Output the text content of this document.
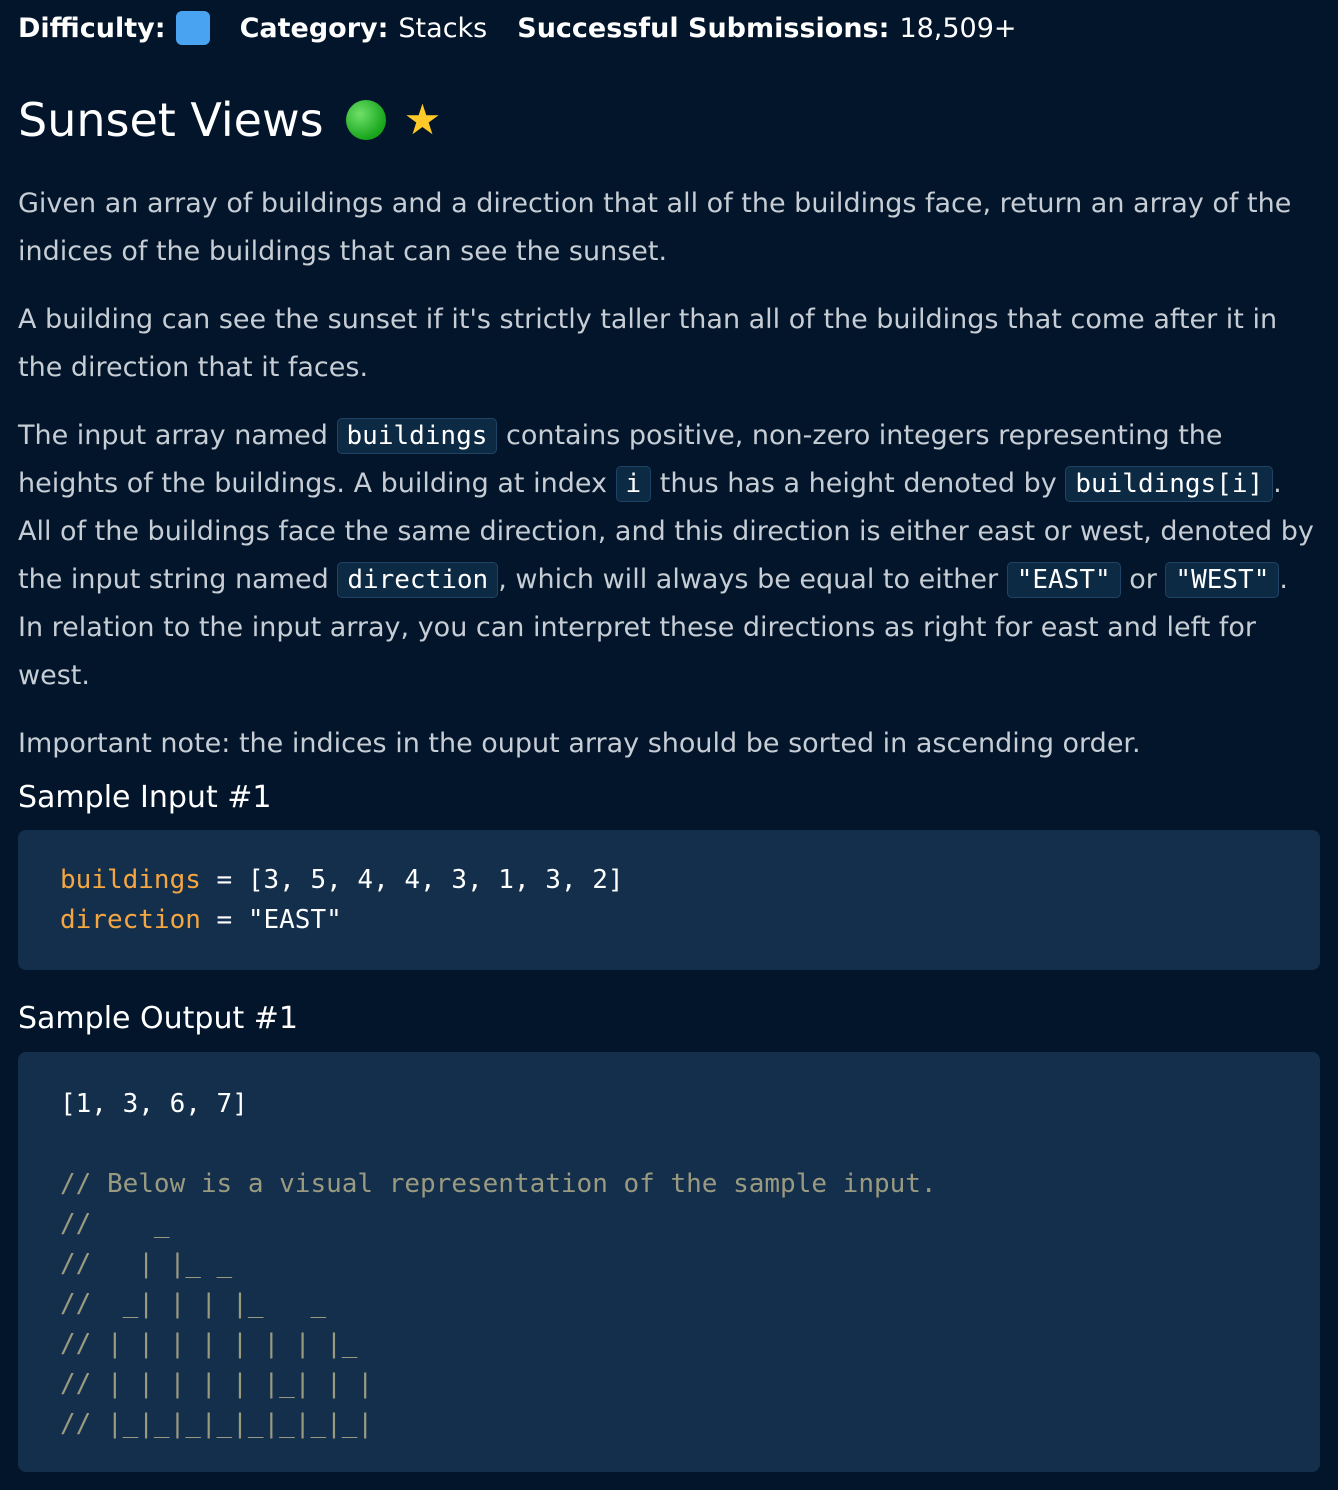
Difficulty:	Category: Stacks Successful Submissions: 18,509+
Sunset Views ★

Given an array of buildings and a direction that all of the buildings face, return an array of the indices of the buildings that can see the sunset.

A building can see the sunset if it's strictly taller than all of the buildings that come after it in the direction that it faces.

The input array named buildings contains positive, non-zero integers representing the heights of the buildings. A building at index i thus has a height denoted by buildings[i] . All of the buildings face the same direction, and this direction is either east or west, denoted by the input string named direction , which will always be equal to either "EAST" or "WEST" . In relation to the input array, you can interpret these directions as right for east and left for west.

Important note: the indices in the ouput array should be sorted in ascending order.

Sample Input #1
buildings = [3, 5, 4, 4, 3, 1, 3, 2]
direction = "EAST"
Sample Output #1
[1, 3, 6, 7]
// Below is a visual representation of the sample input.
//    _
//   | |_ _
//  _| | | |_   _
// | | | | | | | |_
// | | | | | |_| | |
// |_|_|_|_|_|_|_|_|
